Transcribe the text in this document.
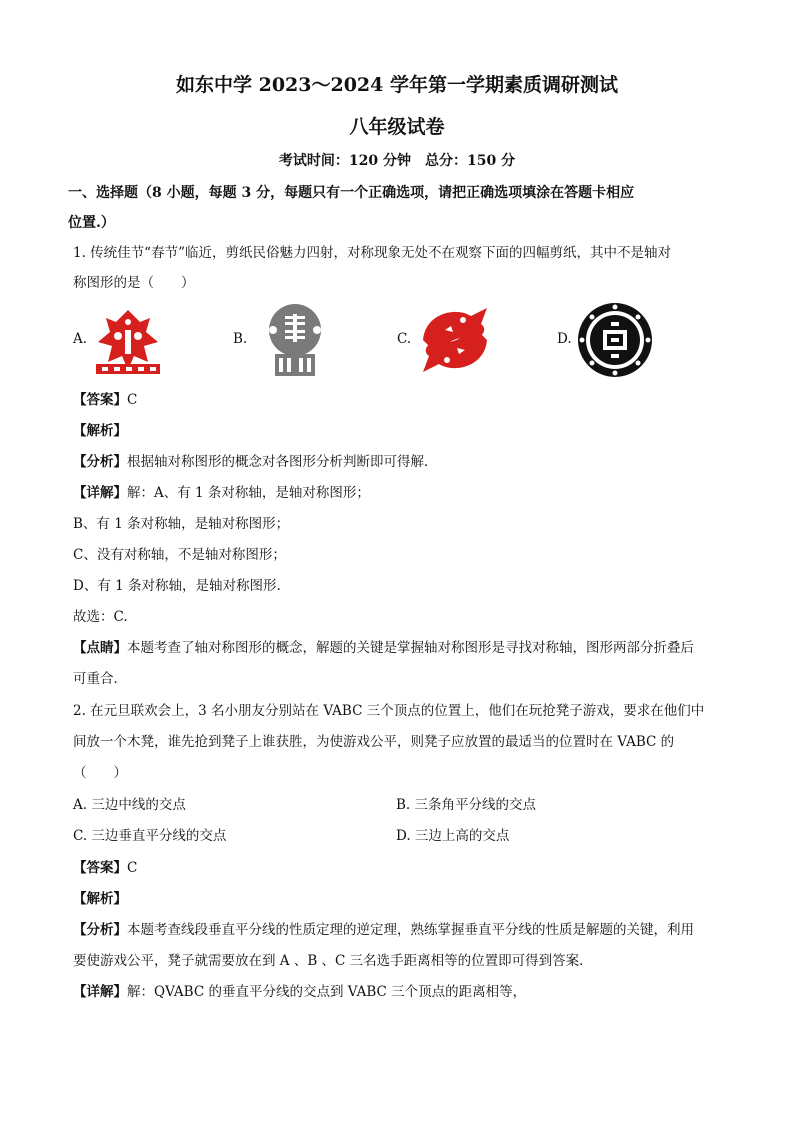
如东中学 2023～2024 学年第一学期素质调研测试
八年级试卷
考试时间：120 分钟　总分：150 分
一、选择题（8 小题，每题 3 分，每题只有一个正确选项，请把正确选项填涂在答题卡相应
位置.）
1. 传统佳节“春节”临近，剪纸民俗魅力四射，对称现象无处不在观察下面的四幅剪纸，其中不是轴对
称图形的是（　　）
A.	B.	C.	D.
【答案】C
【解析】
【分析】根据轴对称图形的概念对各图形分析判断即可得解．
【详解】解：A、有 1 条对称轴，是轴对称图形；
B、有 1 条对称轴，是轴对称图形；
C、没有对称轴，不是轴对称图形；
D、有 1 条对称轴，是轴对称图形.
故选：C.
【点睛】本题考查了轴对称图形的概念，解题的关键是掌握轴对称图形是寻找对称轴，图形两部分折叠后
可重合．
2. 在元旦联欢会上，3 名小朋友分别站在 VABC 三个顶点的位置上，他们在玩抢凳子游戏，要求在他们中
间放一个木凳，谁先抢到凳子上谁获胜，为使游戏公平，则凳子应放置的最适当的位置时在 VABC 的
（　　）
A. 三边中线的交点	B. 三条角平分线的交点
C. 三边垂直平分线的交点	D. 三边上高的交点
【答案】C
【解析】
【分析】本题考查线段垂直平分线的性质定理的逆定理，熟练掌握垂直平分线的性质是解题的关键，利用
要使游戏公平，凳子就需要放在到 A 、B 、C 三名选手距离相等的位置即可得到答案．
【详解】解：QVABC 的垂直平分线的交点到 VABC 三个顶点的距离相等，
